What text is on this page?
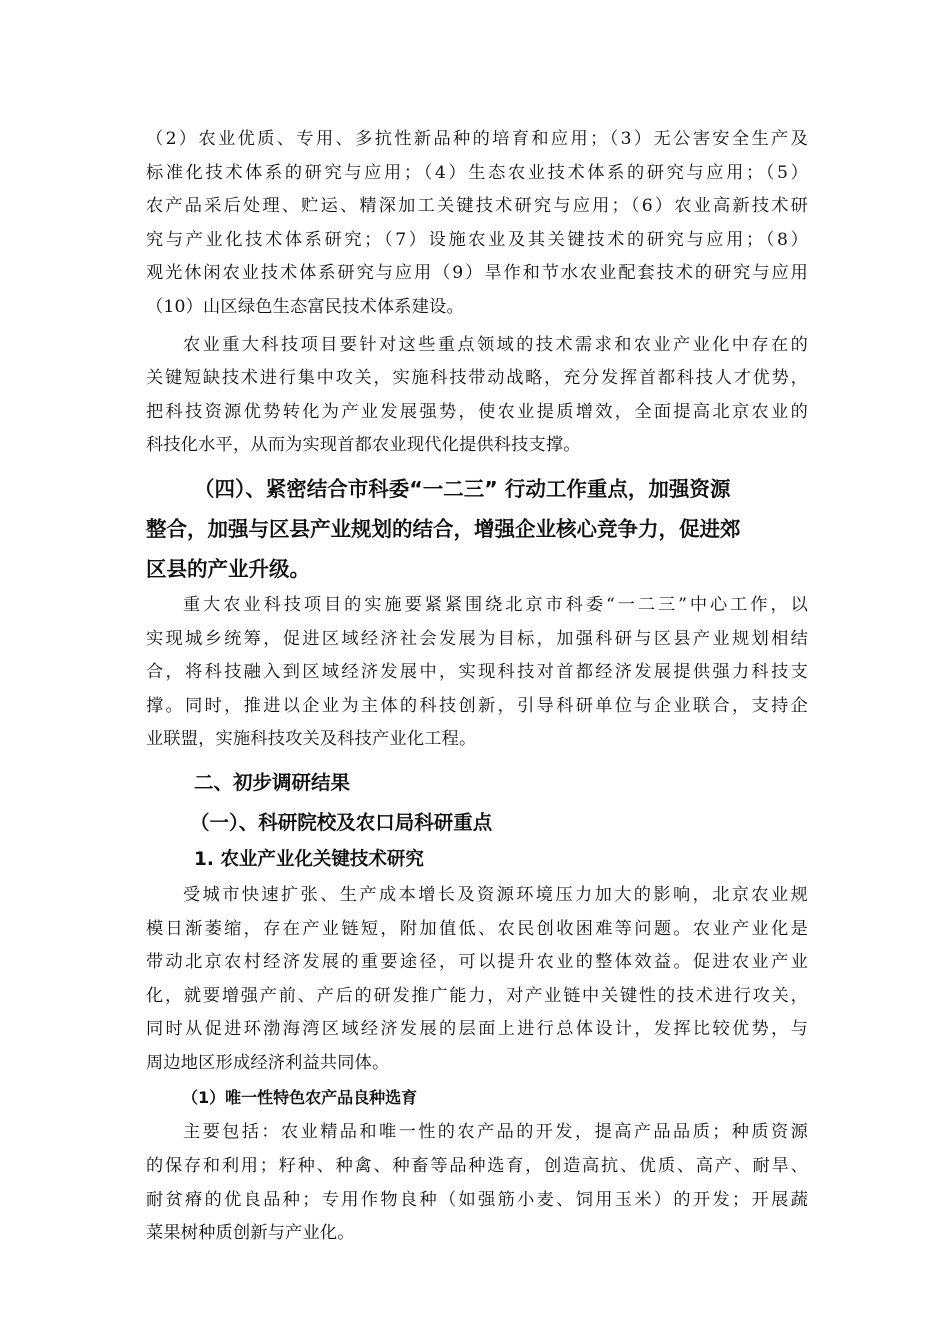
（2）农业优质、专用、多抗性新品种的培育和应用；（3）无公害安全生产及
标准化技术体系的研究与应用；（4）生态农业技术体系的研究与应用；（5）
农产品采后处理、贮运、精深加工关键技术研究与应用；（6）农业高新技术研
究与产业化技术体系研究；（7）设施农业及其关键技术的研究与应用；（8）
观光休闲农业技术体系研究与应用（9）旱作和节水农业配套技术的研究与应用
（10）山区绿色生态富民技术体系建设。
农业重大科技项目要针对这些重点领域的技术需求和农业产业化中存在的
关键短缺技术进行集中攻关，实施科技带动战略，充分发挥首都科技人才优势，
把科技资源优势转化为产业发展强势，使农业提质增效，全面提高北京农业的
科技化水平，从而为实现首都农业现代化提供科技支撑。
（四）、紧密结合市科委“一二三” 行动工作重点，加强资源
整合，加强与区县产业规划的结合，增强企业核心竞争力，促进郊
区县的产业升级。
重大农业科技项目的实施要紧紧围绕北京市科委“一二三”中心工作，以
实现城乡统筹，促进区域经济社会发展为目标，加强科研与区县产业规划相结
合，将科技融入到区域经济发展中，实现科技对首都经济发展提供强力科技支
撑。同时，推进以企业为主体的科技创新，引导科研单位与企业联合，支持企
业联盟，实施科技攻关及科技产业化工程。
二、初步调研结果
（一）、科研院校及农口局科研重点
1. 农业产业化关键技术研究
受城市快速扩张、生产成本增长及资源环境压力加大的影响，北京农业规
模日渐萎缩，存在产业链短，附加值低、农民创收困难等问题。农业产业化是
带动北京农村经济发展的重要途径，可以提升农业的整体效益。促进农业产业
化，就要增强产前、产后的研发推广能力，对产业链中关键性的技术进行攻关，
同时从促进环渤海湾区域经济发展的层面上进行总体设计，发挥比较优势，与
周边地区形成经济利益共同体。
（1）唯一性特色农产品良种选育
主要包括：农业精品和唯一性的农产品的开发，提高产品品质；种质资源
的保存和利用；籽种、种禽、种畜等品种选育，创造高抗、优质、高产、耐旱、
耐贫瘠的优良品种；专用作物良种（如强筋小麦、饲用玉米）的开发；开展蔬
菜果树种质创新与产业化。
